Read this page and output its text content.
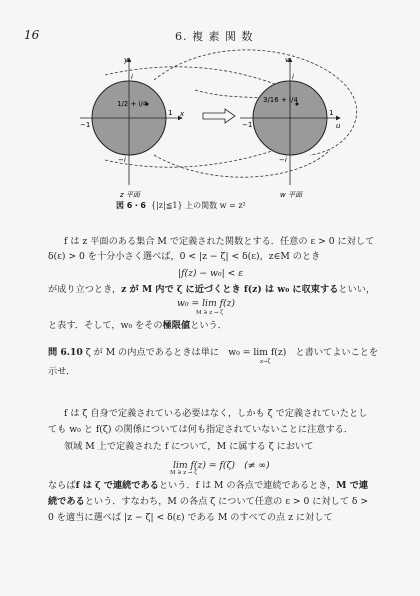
16	6. 複 素 関 数
y
x
i
−i
1
−1
1/2 + i/4
z 平面
v
u
i
−i
1
−1
3/16 + i/4
w 平面
図 6・6 {|z|≦1} 上の関数 w = z²
f は z 平面のある集合 M で定義された関数とする．任意の ε > 0 に対して
δ(ε) > 0 を十分小さく選べば，0 < |z − ζ| < δ(ε)，z∈M のとき
|f(z) − w₀| < ε
が成り立つとき，z が M 内で ζ に近づくとき f(z) は w₀ に収束するといい，
w₀ = lim f(z)
M ∋ z → ζ
と表す．そして，w₀ をその極限値という．
問 6.10 ζ が M の内点であるときは単に　w₀ = lim f(z)　と書いてよいことを
z→ζ
示せ．
f は ζ 自身で定義されている必要はなく，しかも ζ で定義されていたとし
ても w₀ と f(ζ) の関係については何も指定されていないことに注意する．
領域 M 上で定義された f について，M に属する ζ において
lim f(z) = f(ζ)　(≠ ∞)
M ∋ z → ζ
ならばf は ζ で連続であるという．f は M の各点で連続であるとき，M で連
続であるという．すなわち，M の各点 ζ について任意の ε > 0 に対して δ >
0 を適当に選べば |z − ζ| < δ(ε) である M のすべての点 z に対して
